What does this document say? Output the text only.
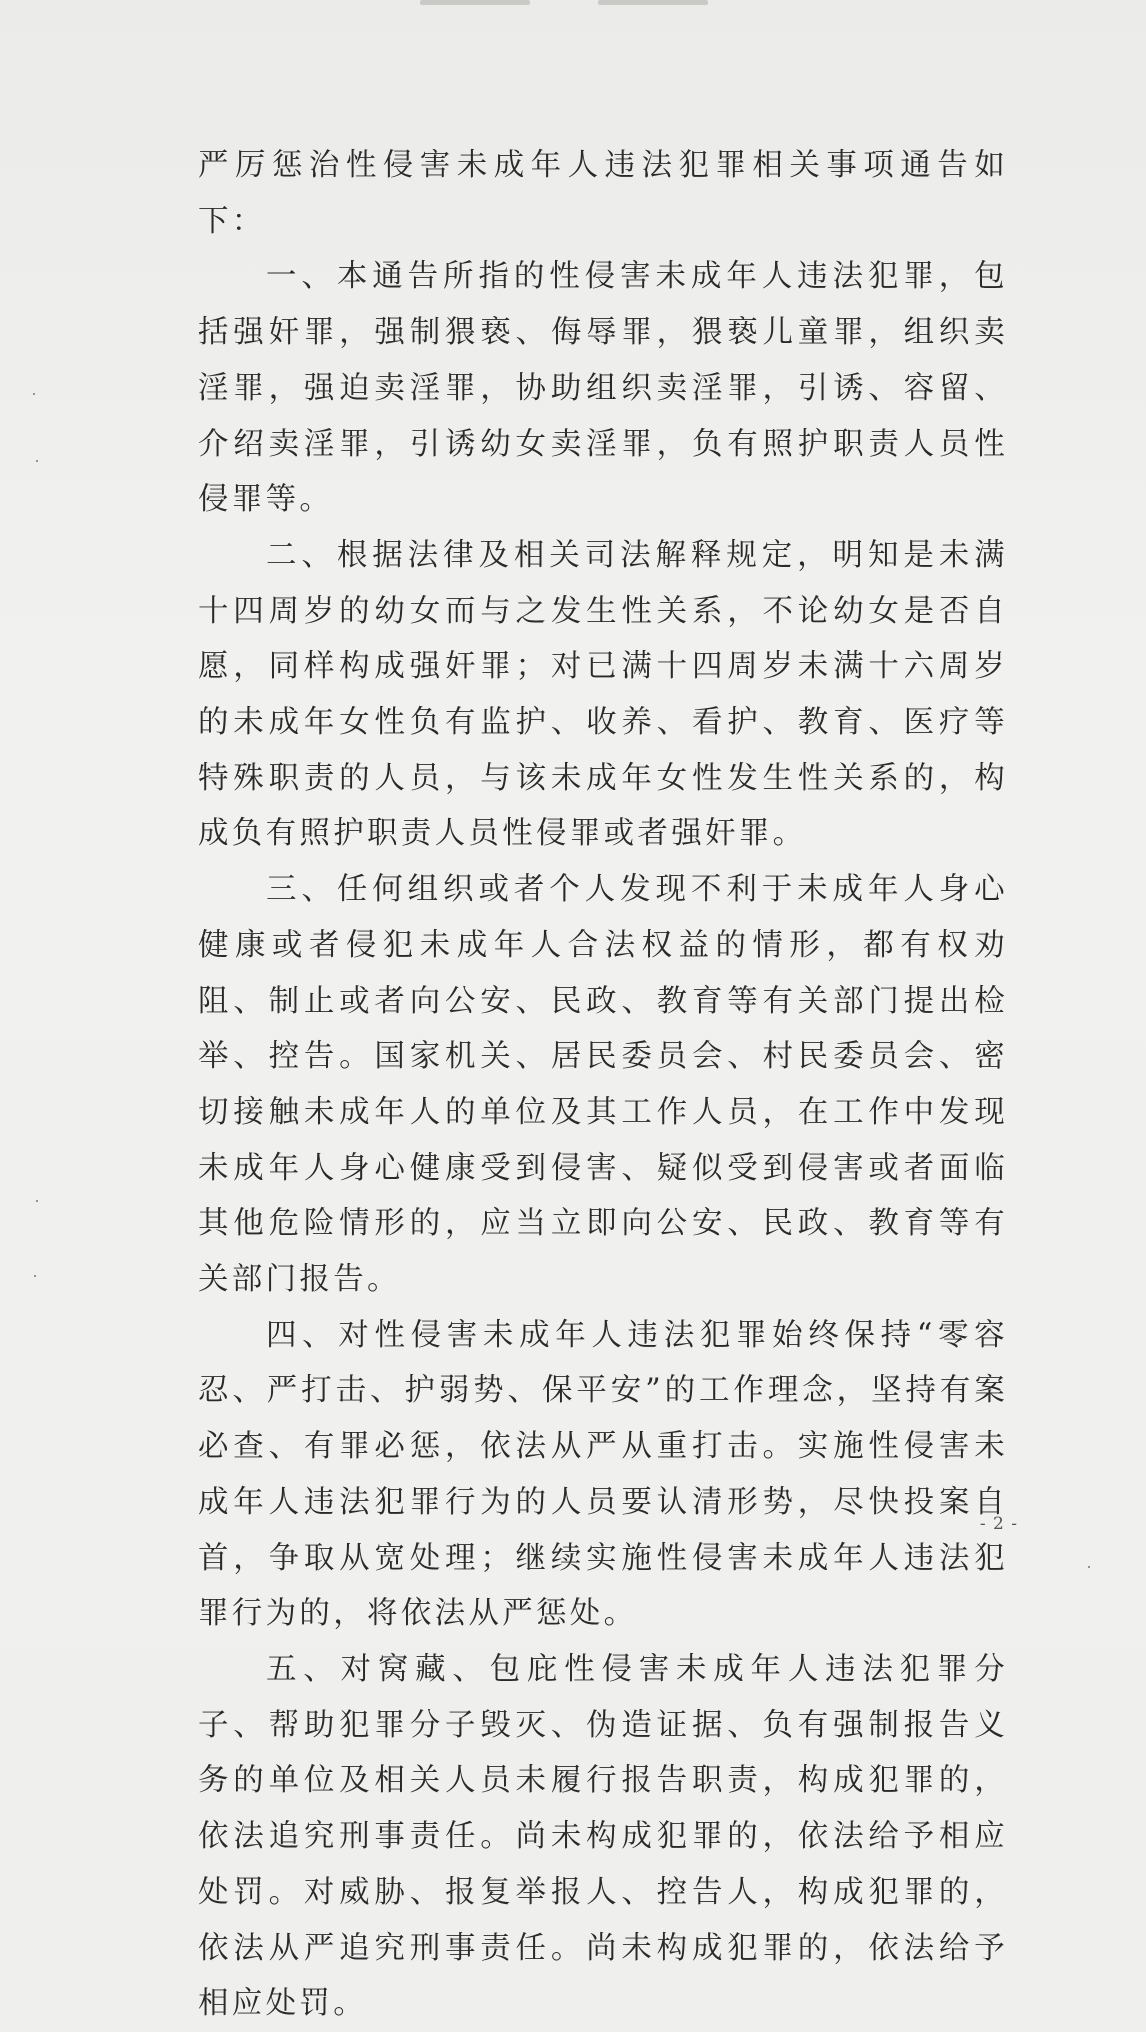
严厉惩治性侵害未成年人违法犯罪相关事项通告如下：

一、本通告所指的性侵害未成年人违法犯罪，包括强奸罪，强制猥亵、侮辱罪，猥亵儿童罪，组织卖淫罪，强迫卖淫罪，协助组织卖淫罪，引诱、容留、介绍卖淫罪，引诱幼女卖淫罪，负有照护职责人员性侵罪等。

二、根据法律及相关司法解释规定，明知是未满十四周岁的幼女而与之发生性关系，不论幼女是否自愿，同样构成强奸罪；对已满十四周岁未满十六周岁的未成年女性负有监护、收养、看护、教育、医疗等特殊职责的人员，与该未成年女性发生性关系的，构成负有照护职责人员性侵罪或者强奸罪。

三、任何组织或者个人发现不利于未成年人身心健康或者侵犯未成年人合法权益的情形，都有权劝阻、制止或者向公安、民政、教育等有关部门提出检举、控告。国家机关、居民委员会、村民委员会、密切接触未成年人的单位及其工作人员，在工作中发现未成年人身心健康受到侵害、疑似受到侵害或者面临其他危险情形的，应当立即向公安、民政、教育等有关部门报告。

四、对性侵害未成年人违法犯罪始终保持“零容忍、严打击、护弱势、保平安”的工作理念，坚持有案必查、有罪必惩，依法从严从重打击。实施性侵害未成年人违法犯罪行为的人员要认清形势，尽快投案自首，争取从宽处理；继续实施性侵害未成年人违法犯罪行为的，将依法从严惩处。

五、对窝藏、包庇性侵害未成年人违法犯罪分子、帮助犯罪分子毁灭、伪造证据、负有强制报告义务的单位及相关人员未履行报告职责，构成犯罪的，依法追究刑事责任。尚未构成犯罪的，依法给予相应处罚。对威胁、报复举报人、控告人，构成犯罪的，依法从严追究刑事责任。尚未构成犯罪的，依法给予相应处罚。

- 2 -
